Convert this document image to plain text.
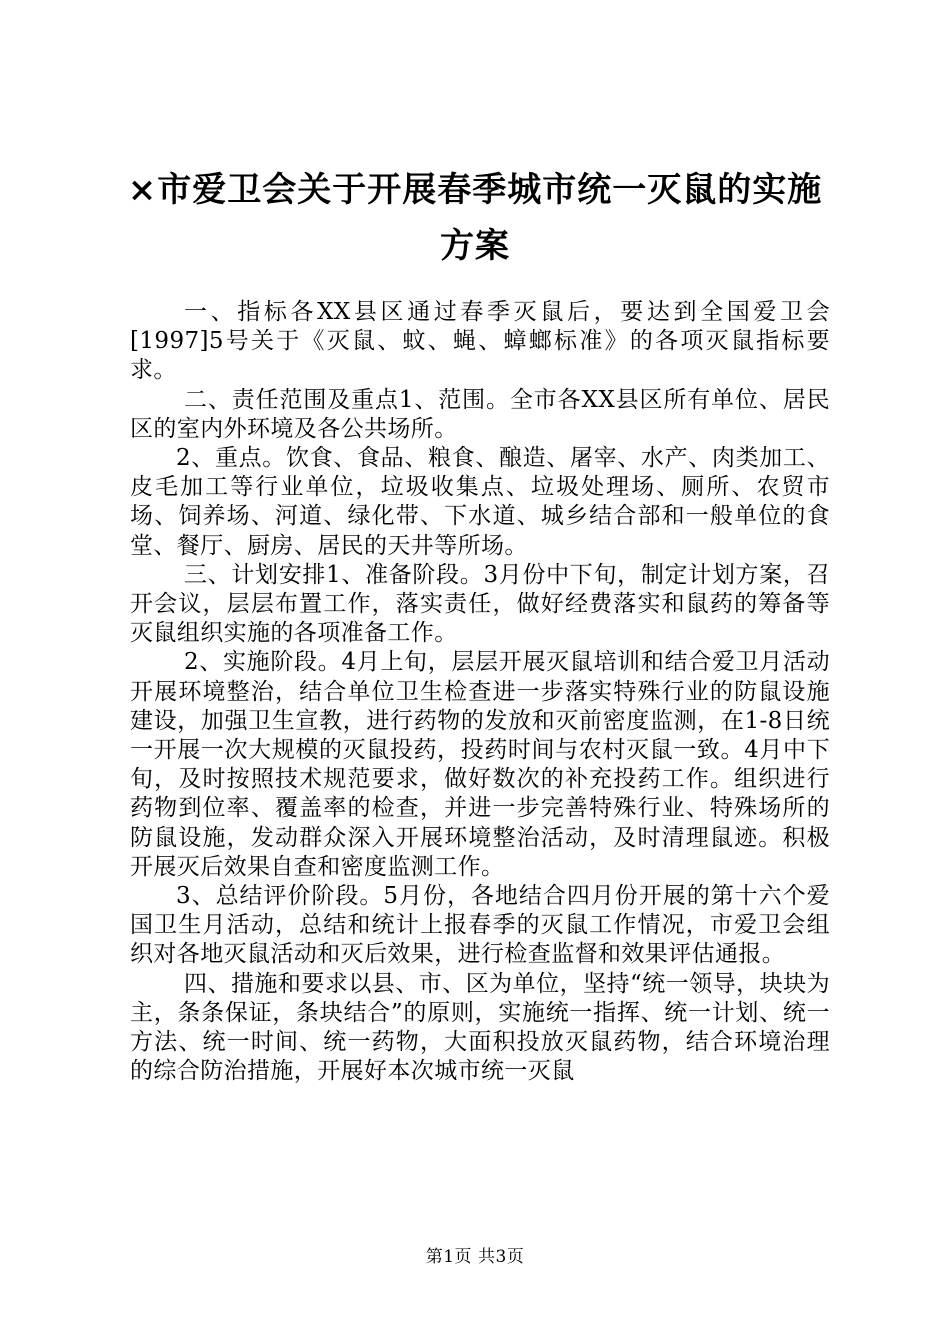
×市爱卫会关于开展春季城市统一灭鼠的实施方案

一、指标各XX县区通过春季灭鼠后，要达到全国爱卫会[1997]5号关于《灭鼠、蚊、蝇、蟑螂标准》的各项灭鼠指标要求。

二、责任范围及重点1、范围。全市各XX县区所有单位、居民区的室内外环境及各公共场所。

2、重点。饮食、食品、粮食、酿造、屠宰、水产、肉类加工、皮毛加工等行业单位，垃圾收集点、垃圾处理场、厕所、农贸市场、饲养场、河道、绿化带、下水道、城乡结合部和一般单位的食堂、餐厅、厨房、居民的天井等所场。

三、计划安排1、准备阶段。3月份中下旬，制定计划方案，召开会议，层层布置工作，落实责任，做好经费落实和鼠药的筹备等灭鼠组织实施的各项准备工作。

2、实施阶段。4月上旬，层层开展灭鼠培训和结合爱卫月活动开展环境整治，结合单位卫生检查进一步落实特殊行业的防鼠设施建设，加强卫生宣教，进行药物的发放和灭前密度监测，在1-8日统一开展一次大规模的灭鼠投药，投药时间与农村灭鼠一致。4月中下旬，及时按照技术规范要求，做好数次的补充投药工作。组织进行药物到位率、覆盖率的检查，并进一步完善特殊行业、特殊场所的防鼠设施，发动群众深入开展环境整治活动，及时清理鼠迹。积极开展灭后效果自查和密度监测工作。

3、总结评价阶段。5月份，各地结合四月份开展的第十六个爱国卫生月活动，总结和统计上报春季的灭鼠工作情况，市爱卫会组织对各地灭鼠活动和灭后效果，进行检查监督和效果评估通报。

四、措施和要求以县、市、区为单位，坚持“统一领导，块块为主，条条保证，条块结合”的原则，实施统一指挥、统一计划、统一方法、统一时间、统一药物，大面积投放灭鼠药物，结合环境治理的综合防治措施，开展好本次城市统一灭鼠

第1页 共3页
